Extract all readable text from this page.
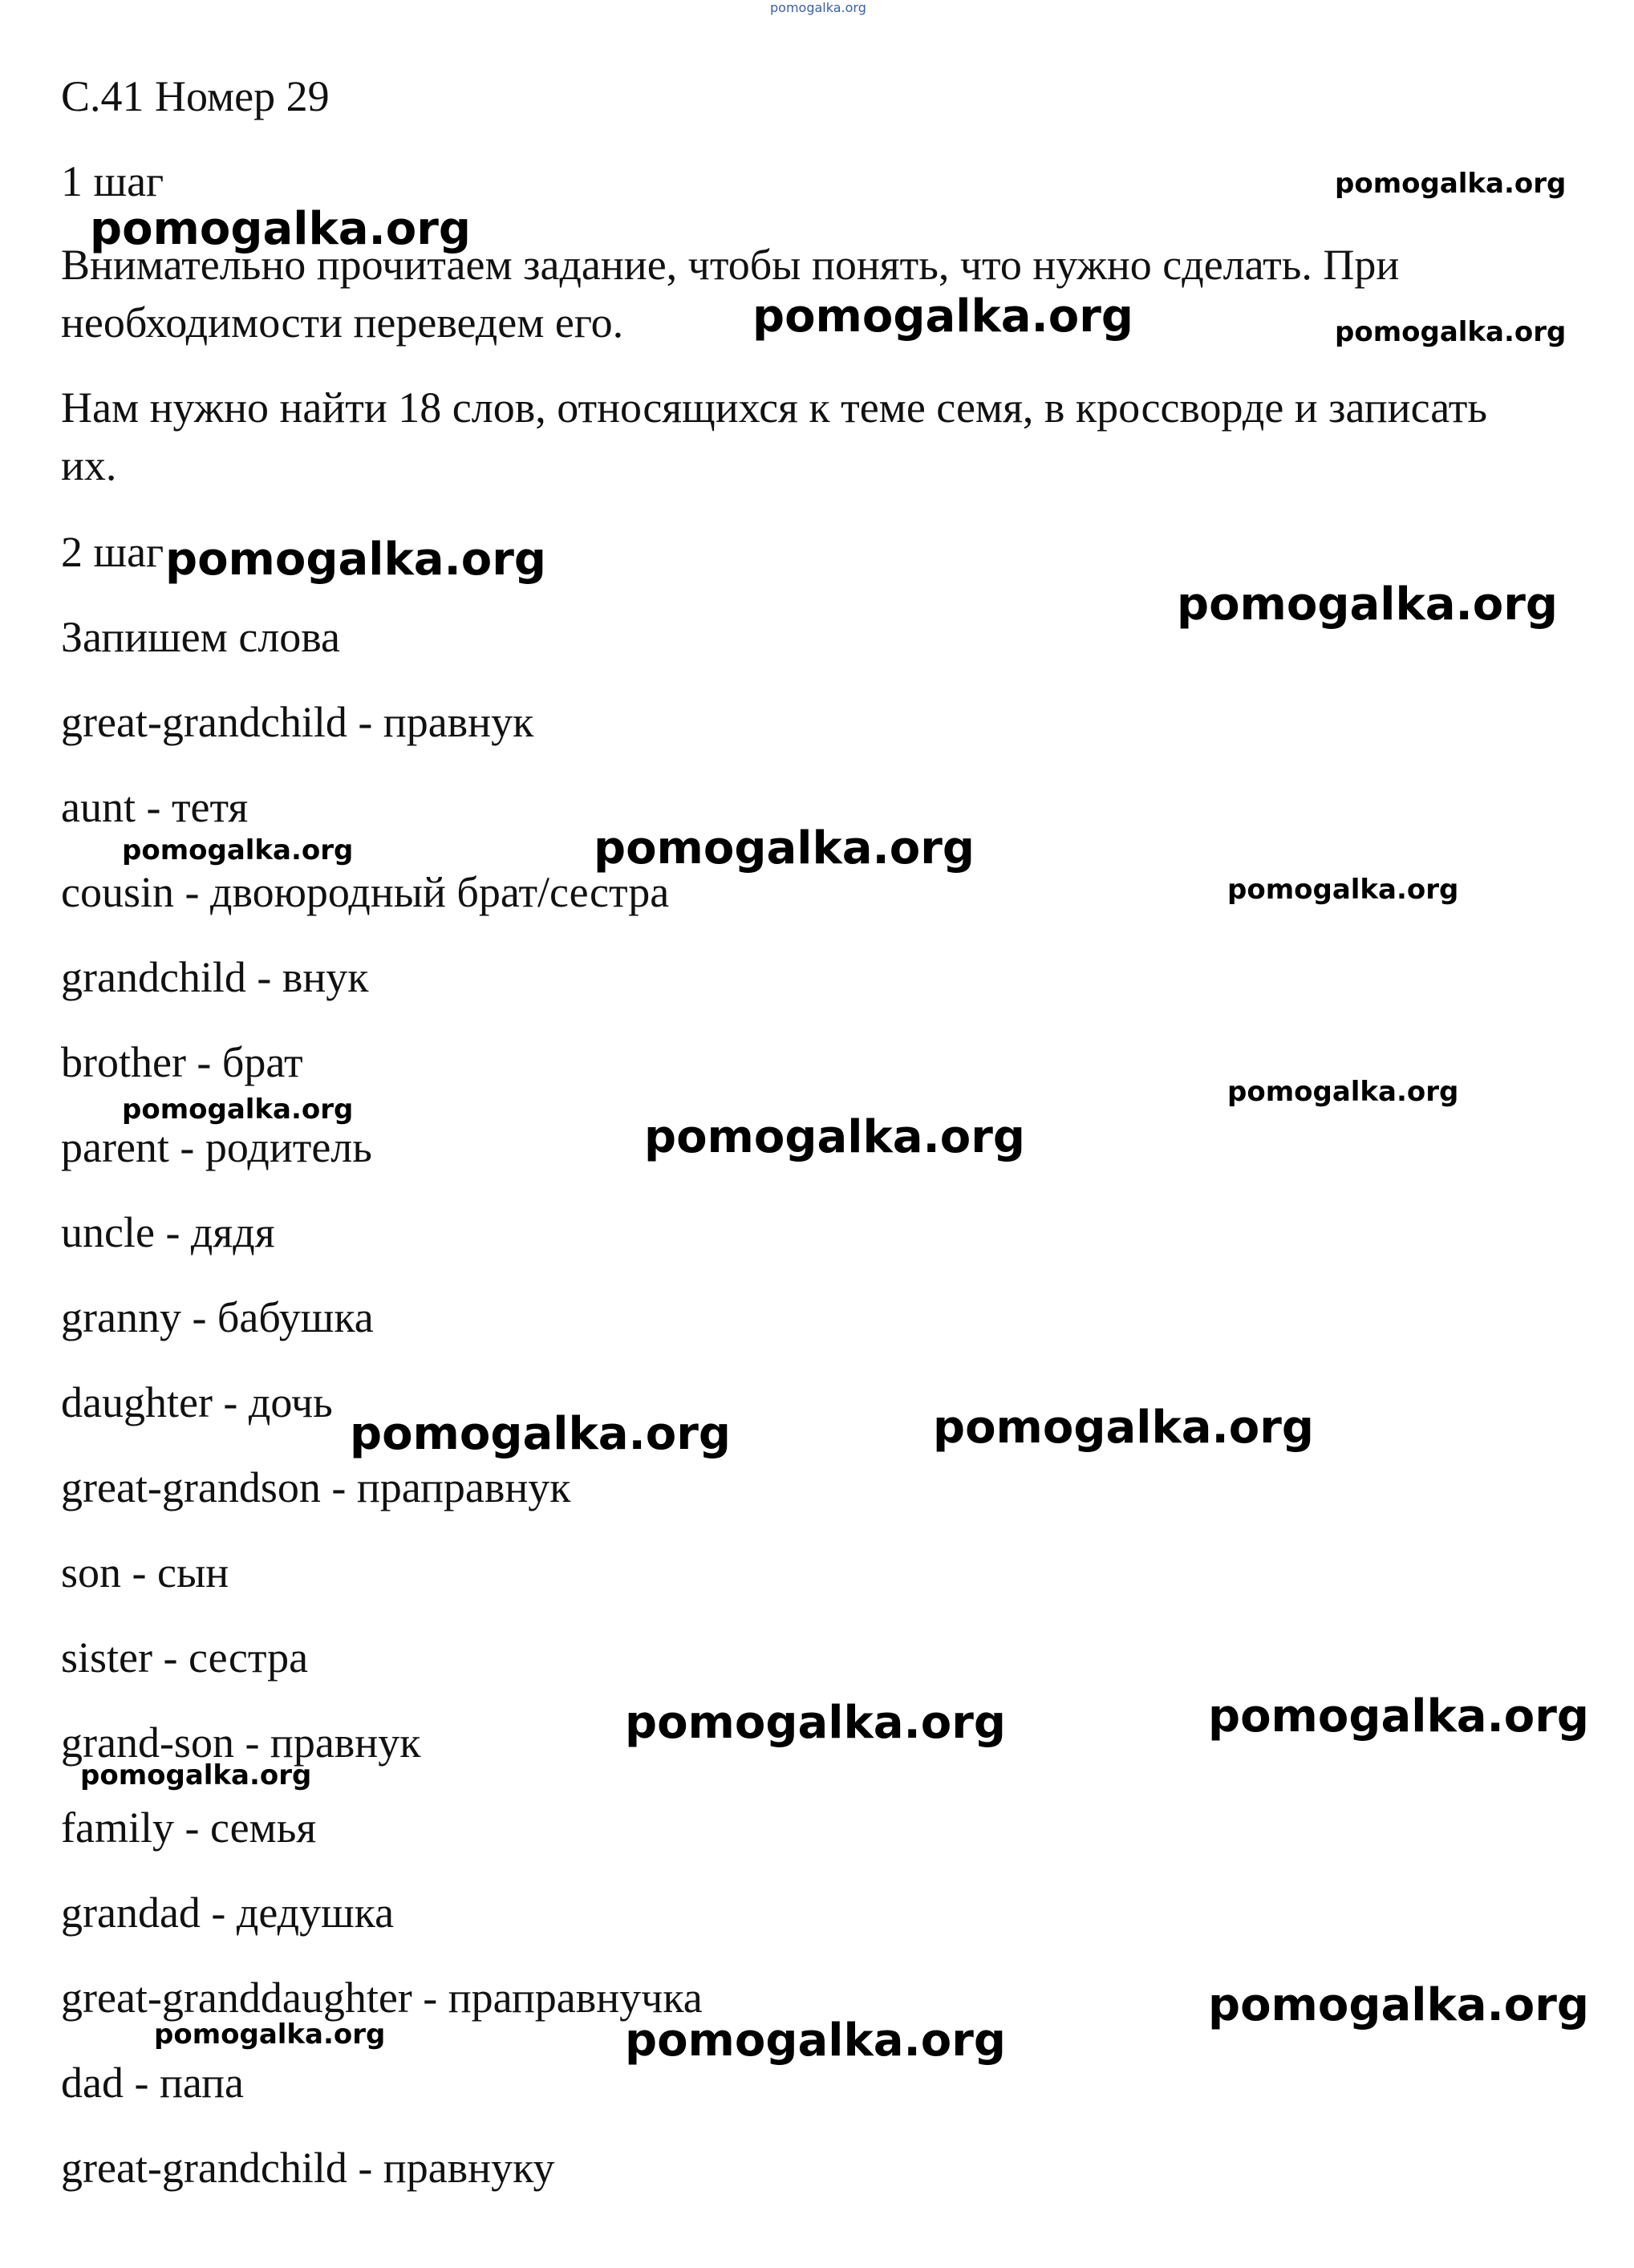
pomogalka.org
С.41 Номер 29
1 шаг
Внимательно прочитаем задание, чтобы понять, что нужно сделать. При
необходимости переведем его.
Нам нужно найти 18 слов, относящихся к теме семя, в кроссворде и записать
их.
2 шаг
Запишем слова
great-grandchild - правнук
aunt - тетя
cousin - двоюродный брат/сестра
grandchild - внук
brother - брат
parent - родитель
uncle - дядя
granny - бабушка
daughter - дочь
great-grandson - праправнук
son - сын
sister - сестра
grand-son - правнук
family - семья
grandad - дедушка
great-granddaughter - праправнучка
dad - папа
great-grandchild - правнуку
pomogalka.org
pomogalka.org
pomogalka.org	pomogalka.org
pomogalka.org
pomogalka.org
pomogalka.org	pomogalka.org
pomogalka.org
pomogalka.org
pomogalka.org
pomogalka.org
pomogalka.org	pomogalka.org
pomogalka.org	pomogalka.org
pomogalka.org
pomogalka.org
pomogalka.org	pomogalka.org
